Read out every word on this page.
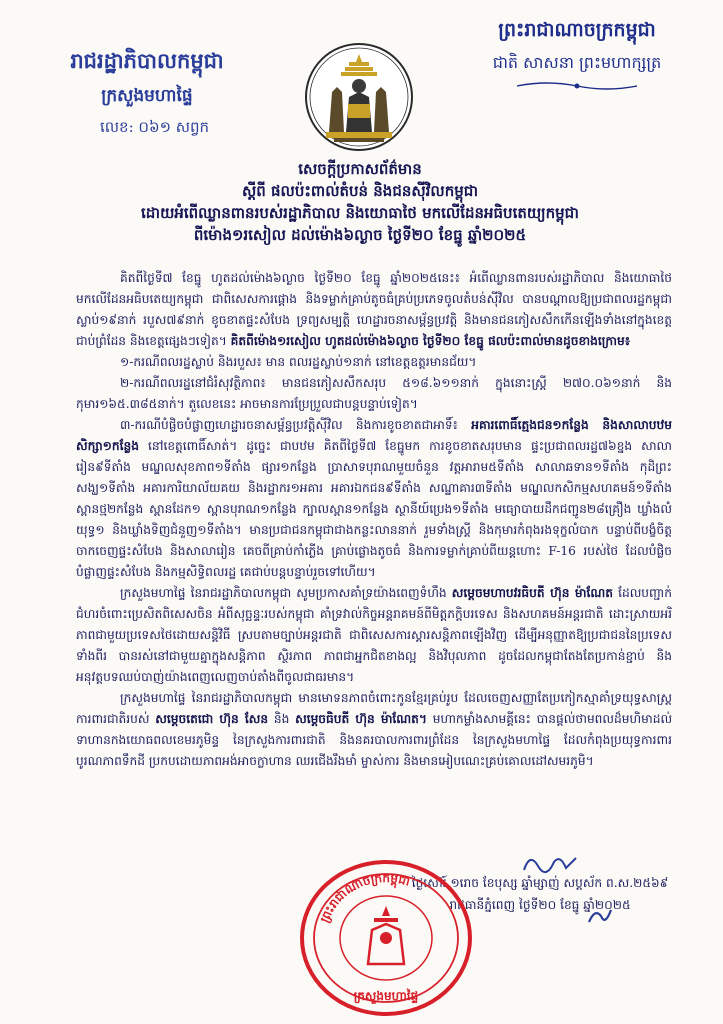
រាជរដ្ឋាភិបាលកម្ពុជា
ក្រសួងមហាផ្ទៃ
លេខ: ០៦១ សព្វក
ព្រះរាជាណាចក្រកម្ពុជា
ជាតិ សាសនា ព្រះមហាក្សត្រ
សេចក្តីប្រកាសព័ត៌មាន
ស្តីពី ផលប៉ះពាល់តំបន់ និងជនស៊ីវិលកម្ពុជា
ដោយអំពើឈ្លានពានរបស់រដ្ឋាភិបាល និងយោធាថៃ មកលើដែនអធិបតេយ្យកម្ពុជា
ពីម៉ោង១រសៀល ដល់ម៉ោង៦ល្ងាច ថ្ងៃទី២០ ខែធ្នូ ឆ្នាំ២០២៥

គិតពីថ្ងៃទី៧ ខែធ្នូ ហូតដល់ម៉ោង៦ល្ងាច ថ្ងៃទី២០ ខែធ្នូ ឆ្នាំ២០២៥នេះ៖ អំពើឈ្លានពានរបស់រដ្ឋាភិបាល និងយោធាថៃ មកលើដែនអធិបតេយ្យកម្ពុជា ជាពិសេសការផ្ដោង និងទម្លាក់គ្រាប់តូចធំគ្រប់ប្រភេទចូលតំបន់ស៊ីវិល បានបណ្ដាលឱ្យប្រជាពលរដ្ឋកម្ពុជាស្លាប់១៩នាក់ របួស៧៩នាក់ ខូចខាតផ្ទះសំបែង ទ្រព្យសម្បត្តិ ហេដ្ឋារចនាសម្ព័ន្ធប្រវត្តិ និងមានជនភៀសសឹកកើនឡើងទាំងនៅក្នុងខេត្តជាប់ព្រំដែន និងខេត្តផ្សេងៗទៀត។ គិតពីម៉ោង១រសៀល ហូតដល់ម៉ោង៦ល្ងាច ថ្ងៃទី២០ ខែធ្នូ ផលប៉ះពាល់មានដូចខាងក្រោម៖

១-ករណីពលរដ្ឋស្លាប់ និងរបួស៖ មាន ពលរដ្ឋស្លាប់១នាក់ នៅខេត្តឧត្តរមានជ័យ។

២-ករណីពលរដ្ឋនៅជំរំសុវត្ថិភាព៖ មានជនភៀសសឹកសរុប ៥១៨.៦១១នាក់ ក្នុងនោះស្ត្រី ២៧០.០៦១នាក់ និងកុមារ១៦៥.៣៨៥នាក់។ តួលេខនេះ អាចមានការប្រែប្រួលជាបន្តបន្ទាប់ទៀត។

៣-ករណីបំផ្លិចបំផ្លាញហេដ្ឋារចនាសម្ព័ន្ធប្រវត្តិស៊ីវិល និងការខូចខាតជាអាទិ៍៖ អគារពោធិ៍ត្មេងជន១កន្លែង និងសាលាបឋមសិក្សា១កន្លែង នៅខេត្តពោធិ៍សាត់។ ដូច្នេះ ជាបឋម គិតពីថ្ងៃទី៧ ខែធ្នូមក ការខូចខាតសរុបមាន ផ្ទះប្រជាពលរដ្ឋ៧៦ខ្នង សាលារៀន៩ទីតាំង មណ្ឌលសុខភាព១ទីតាំង ផ្សារ១កន្លែង ប្រាសាទបុរាណមួយចំនួន វត្តអារាម៥ទីតាំង សាលាឆទាន១ទីតាំង កុដិព្រះសង្ឃ១ទីតាំង អគារការិយាល័យគយ និងរដ្ឋាករ១អគារ អគារឯកជន៩ទីតាំង សណ្ឋាគារ៣ទីតាំង មណ្ឌលកសិកម្មសហគមន៍១ទីតាំង ស្ពានថ្ម២កន្លែង ស្ពានដែក១ ស្ពានបុរាណ១កន្លែង ក្បាលស្ពាន១កន្លែង ស្ថានីយ៍ប្រេង១ទីតាំង មធ្យោបាយដឹកជញ្ជូន២៨គ្រឿង ឃ្លាំងលំយុទ្ធ១ និងឃ្លាំងទិញជំនួញ១ទីតាំង។ មានប្រជាជនកម្ពុជាជាងកន្លះលាននាក់ រួមទាំងស្ត្រី និងកុមារកំពុងរងទុក្ខលំបាក បន្ទាប់ពីបង្ខំចិត្តចាកចេញផ្ទះសំបែង និងសាលារៀន គេចពីគ្រាប់កាំភ្លើង គ្រាប់ផ្លោងតូចធំ និងការទម្លាក់គ្រាប់ពីយន្តហោះ F-16 របស់ថៃ ដែលបំផ្លិចបំផ្លាញផ្ទះសំបែង និងកម្មសិទ្ធិពលរដ្ឋ គេជាប់បន្តបន្ទាប់រួចទៅហើយ។

ក្រសួងមហាផ្ទៃ នៃរាជរដ្ឋាភិបាលកម្ពុជា សូមប្រកាសគាំទ្រយ៉ាងពេញទំហឹង សម្តេចមហាបវរធិបតី ហ៊ុន ម៉ាណែត ដែលបញ្ជាក់ជំហរចំពោះប្រេសិតពិសេសចិន អំពីសុច្ឆន្ទៈរបស់កម្ពុជា គាំទ្រវាល់កិច្ចអន្តរាគមន៍ពីមិត្តភក្តិបរទេស និងសហគមន៍អន្តរជាតិ ដោះស្រាយអរិភាពជាមួយប្រទេសថៃដោយសន្តិវិធី ស្របតាមច្បាប់អន្តរជាតិ ជាពិសេសការស្តារសន្តិភាពឡើងវិញ ដើម្បីអនុញ្ញាតឱ្យប្រជាជននៃប្រទេសទាំងពីរ បានរស់នៅជាមួយគ្នាក្នុងសន្តិភាព ស្ថិរភាព ភាពជាអ្នកជិតខាងល្អ និងវិបុលភាព ដូចដែលកម្ពុជាតែងតែប្រកាន់ខ្ជាប់ និងអនុវត្តបទឈប់បាញ់យ៉ាងពេញលេញចាប់តាំងពីចូលជាធរមាន។

ក្រសួងមហាផ្ទៃ នៃរាជរដ្ឋាភិបាលកម្ពុជា មានមោទនភាពចំពោះកូនខ្មែរគ្រប់រូប ដែលចេញសញ្ញាតែប្រកៀកស្មាគាំទ្រយុទ្ធសាស្រ្តការពារជាតិរបស់ សម្តេចតេជោ ហ៊ុន សែន និង សម្តេចធិបតី ហ៊ុន ម៉ាណែត។ មហាកម្លាំងសាមគ្គីនេះ បានផ្ដល់ថាមពលដ៏មហិមាដល់ទាហានកងយោធពលខេមរភូមិន្ទ នៃក្រសួងការពារជាតិ និងនគរបាលការពារព្រំដែន នៃក្រសួងមហាផ្ទៃ ដែលកំពុងប្រយុទ្ធការពារបូរណភាពទឹកដី ប្រកបដោយភាពអង់អាចក្លាហាន ឈរជើងរឹងមាំ ម្ចាស់ការ និងមានអៀបណេះគ្រប់គោលដៅសមរភូមិ។

ថ្ងៃសៅរ៍ ១រោច ខែបុស្ស ឆ្នាំម្សាញ់ សប្តស័ក ព.ស.២៥៦៩
រាជធានីភ្នំពេញ ថ្ងៃទី២០ ខែធ្នូ ឆ្នាំ២០២៥
ព្រះរាជាណាចក្រកម្ពុជា
ក្រសួងមហាផ្ទៃ
